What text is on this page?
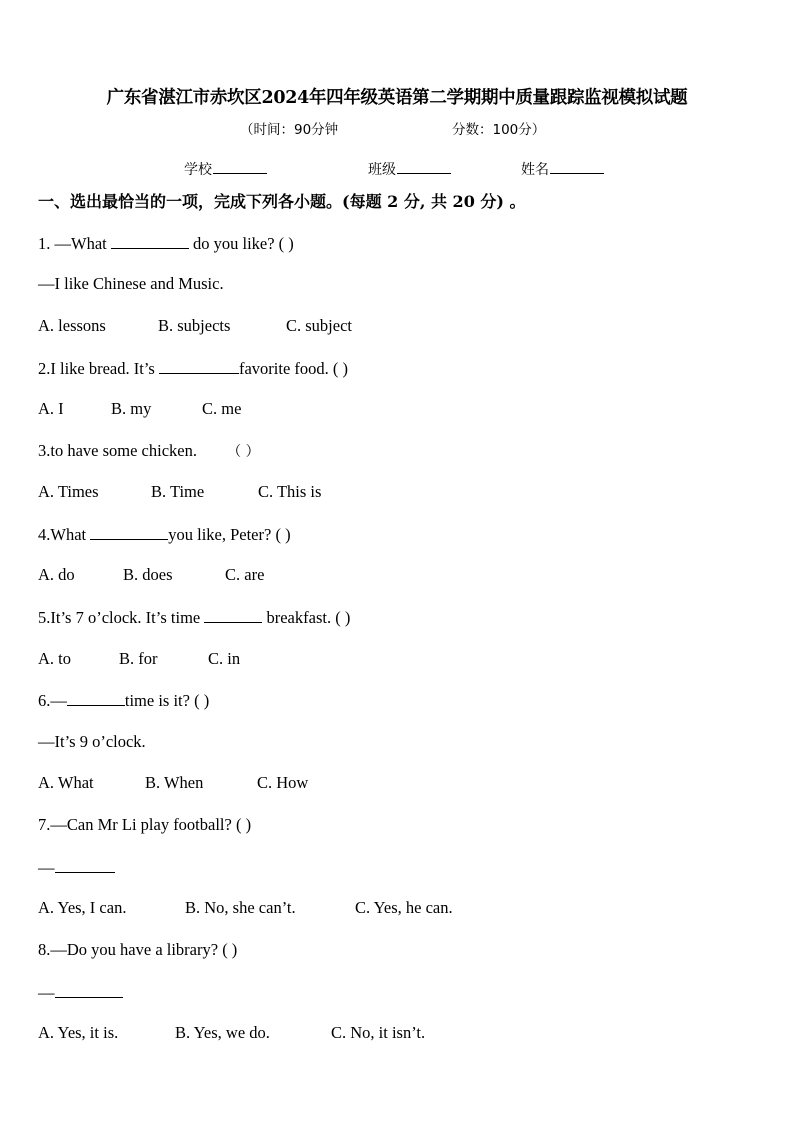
广东省湛江市赤坎区2024年四年级英语第二学期期中质量跟踪监视模拟试题
（时间：90分钟	分数：100分）
学校	班级	姓名
一、选出最恰当的一项，完成下列各小题。(每题 2 分, 共 20 分) 。
1. —What	do you like? ( )
—I like Chinese and Music.
A. lessons	B. subjects	C. subject
2.I like bread. It’s	favorite food. ( )
A. I	B. my	C. me
3.to have some chicken. （ ）
A. Times	B. Time	C. This is
4.What	you like, Peter? ( )
A. do	B. does	C. are
5.It’s 7 o’clock. It’s time	breakfast. ( )
A. to	B. for	C. in
6.—	time is it? ( )
—It’s 9 o’clock.
A. What	B. When	C. How
7.—Can Mr Li play football? ( )
—
A. Yes, I can.	B. No, she can’t.	C. Yes, he can.
8.—Do you have a library? ( )
—
A. Yes, it is.	B. Yes, we do.	C. No, it isn’t.
